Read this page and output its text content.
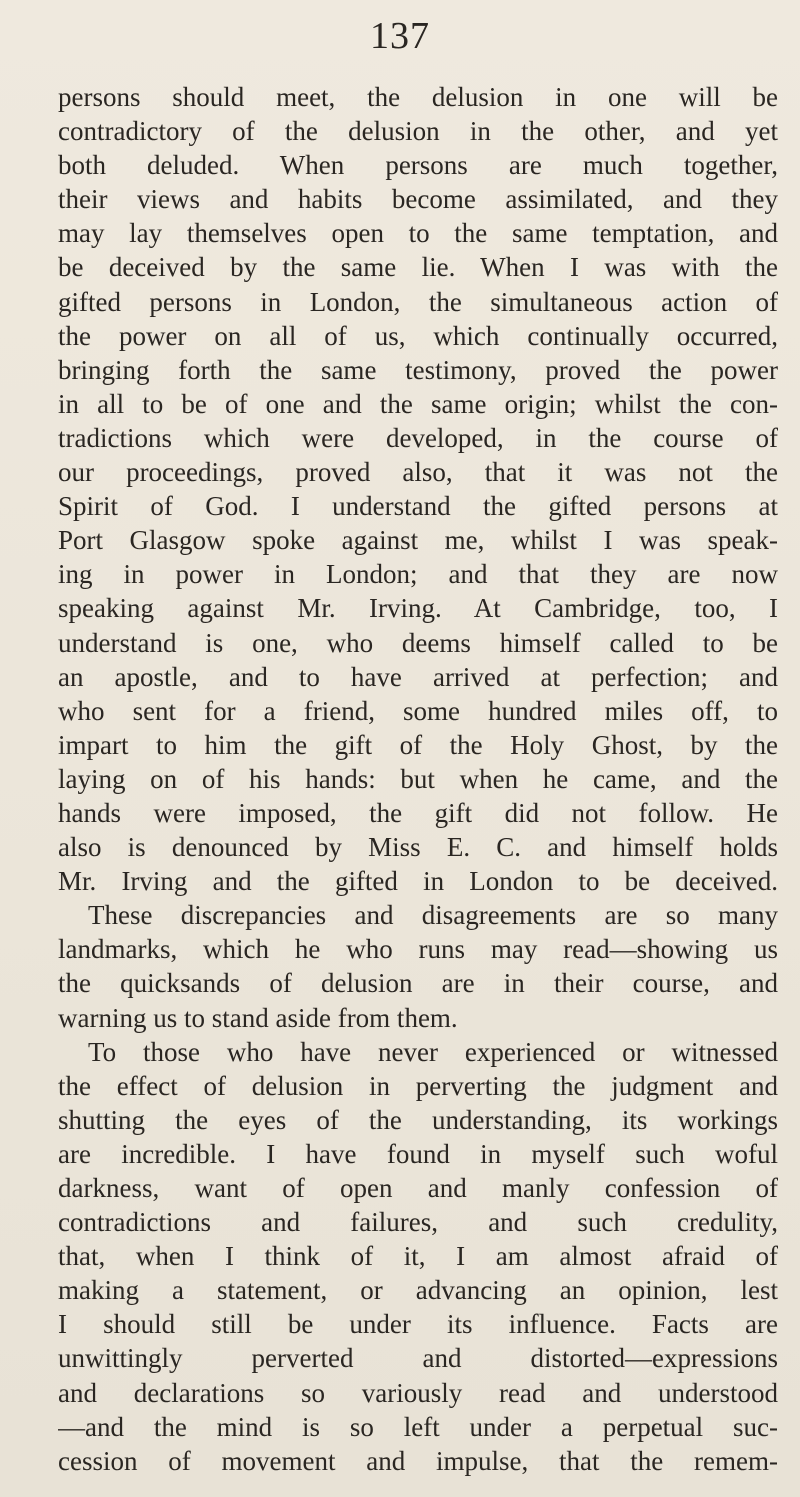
137
persons should meet, the delusion in one will be
contradictory of the delusion in the other, and yet
both deluded. When persons are much together,
their views and habits become assimilated, and they
may lay themselves open to the same temptation, and
be deceived by the same lie. When I was with the
gifted persons in London, the simultaneous action of
the power on all of us, which continually occurred,
bringing forth the same testimony, proved the power
in all to be of one and the same origin; whilst the con-
tradictions which were developed, in the course of
our proceedings, proved also, that it was not the
Spirit of God. I understand the gifted persons at
Port Glasgow spoke against me, whilst I was speak-
ing in power in London; and that they are now
speaking against Mr. Irving. At Cambridge, too, I
understand is one, who deems himself called to be
an apostle, and to have arrived at perfection; and
who sent for a friend, some hundred miles off, to
impart to him the gift of the Holy Ghost, by the
laying on of his hands: but when he came, and the
hands were imposed, the gift did not follow. He
also is denounced by Miss E. C. and himself holds
Mr. Irving and the gifted in London to be deceived.
These discrepancies and disagreements are so many
landmarks, which he who runs may read—showing us
the quicksands of delusion are in their course, and
warning us to stand aside from them.
To those who have never experienced or witnessed
the effect of delusion in perverting the judgment and
shutting the eyes of the understanding, its workings
are incredible. I have found in myself such woful
darkness, want of open and manly confession of
contradictions and failures, and such credulity,
that, when I think of it, I am almost afraid of
making a statement, or advancing an opinion, lest
I should still be under its influence. Facts are
unwittingly perverted and distorted—expressions
and declarations so variously read and understood
—and the mind is so left under a perpetual suc-
cession of movement and impulse, that the remem-
